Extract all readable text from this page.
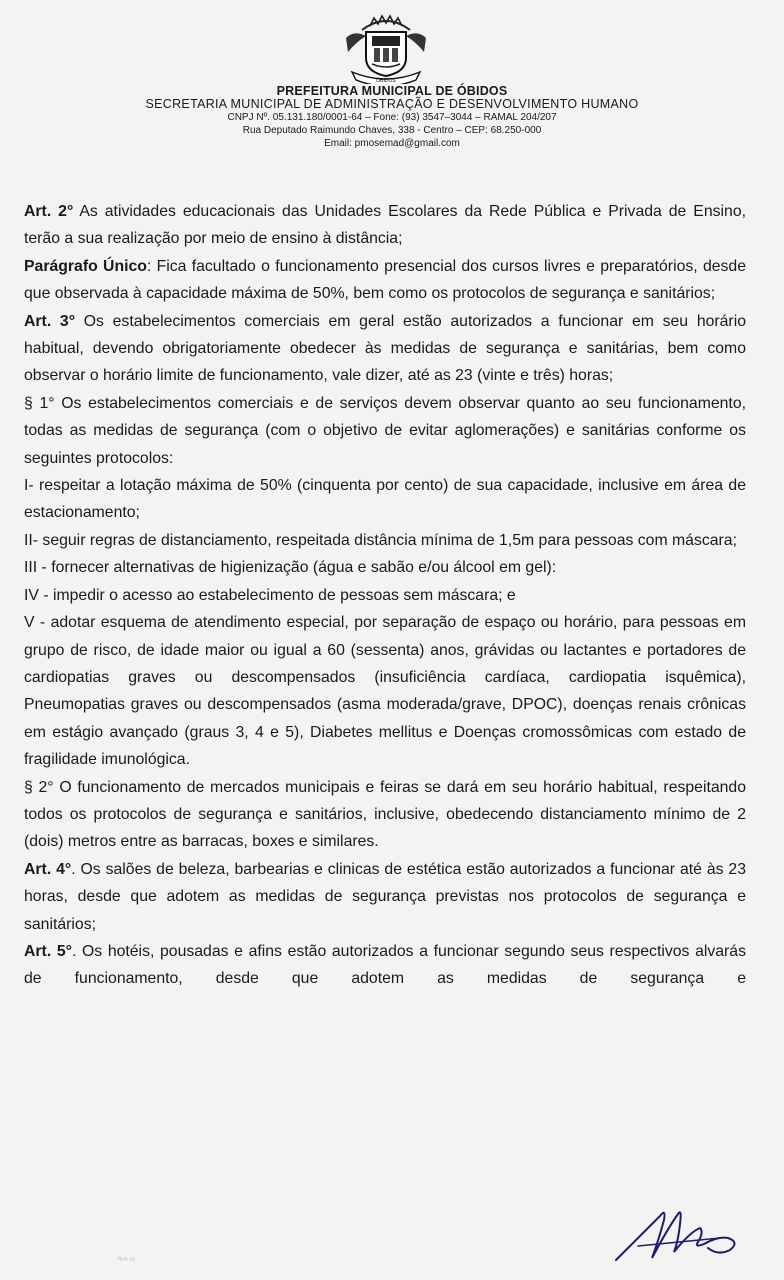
ÓBIDOS
PREFEITURA MUNICIPAL DE ÓBIDOS
SECRETARIA MUNICIPAL DE ADMINISTRAÇÃO E DESENVOLVIMENTO HUMANO
CNPJ Nº. 05.131.180/0001-64 – Fone: (93) 3547–3044 – RAMAL 204/207
Rua Deputado Raimundo Chaves, 338 - Centro – CEP: 68.250-000
Email: pmosemad@gmail.com

Art. 2° As atividades educacionais das Unidades Escolares da Rede Pública e Privada de Ensino, terão a sua realização por meio de ensino à distância;

Parágrafo Único: Fica facultado o funcionamento presencial dos cursos livres e preparatórios, desde que observada à capacidade máxima de 50%, bem como os protocolos de segurança e sanitários;

Art. 3° Os estabelecimentos comerciais em geral estão autorizados a funcionar em seu horário habitual, devendo obrigatoriamente obedecer às medidas de segurança e sanitárias, bem como observar o horário limite de funcionamento, vale dizer, até as 23 (vinte e três) horas;

§ 1° Os estabelecimentos comerciais e de serviços devem observar quanto ao seu funcionamento, todas as medidas de segurança (com o objetivo de evitar aglomerações) e sanitárias conforme os seguintes protocolos:

I- respeitar a lotação máxima de 50% (cinquenta por cento) de sua capacidade, inclusive em área de estacionamento;

II- seguir regras de distanciamento, respeitada distância mínima de 1,5m para pessoas com máscara;

III - fornecer alternativas de higienização (água e sabão e/ou álcool em gel):

IV - impedir o acesso ao estabelecimento de pessoas sem máscara; e

V - adotar esquema de atendimento especial, por separação de espaço ou horário, para pessoas em grupo de risco, de idade maior ou igual a 60 (sessenta) anos, grávidas ou lactantes e portadores de cardiopatias graves ou descompensados (insuficiência cardíaca, cardiopatia isquêmica), Pneumopatias graves ou descompensados (asma moderada/grave, DPOC), doenças renais crônicas em estágio avançado (graus 3, 4 e 5), Diabetes mellitus e Doenças cromossômicas com estado de fragilidade imunológica.

§ 2° O funcionamento de mercados municipais e feiras se dará em seu horário habitual, respeitando todos os protocolos de segurança e sanitários, inclusive, obedecendo distanciamento mínimo de 2 (dois) metros entre as barracas, boxes e similares.

Art. 4°. Os salões de beleza, barbearias e clinicas de estética estão autorizados a funcionar até às 23 horas, desde que adotem as medidas de segurança previstas nos protocolos de segurança e sanitários;

Art. 5°. Os hotéis, pousadas e afins estão autorizados a funcionar segundo seus respectivos alvarás de funcionamento, desde que adotem as medidas de segurança e

ᴺᵘᵐ ᵖᵍ
